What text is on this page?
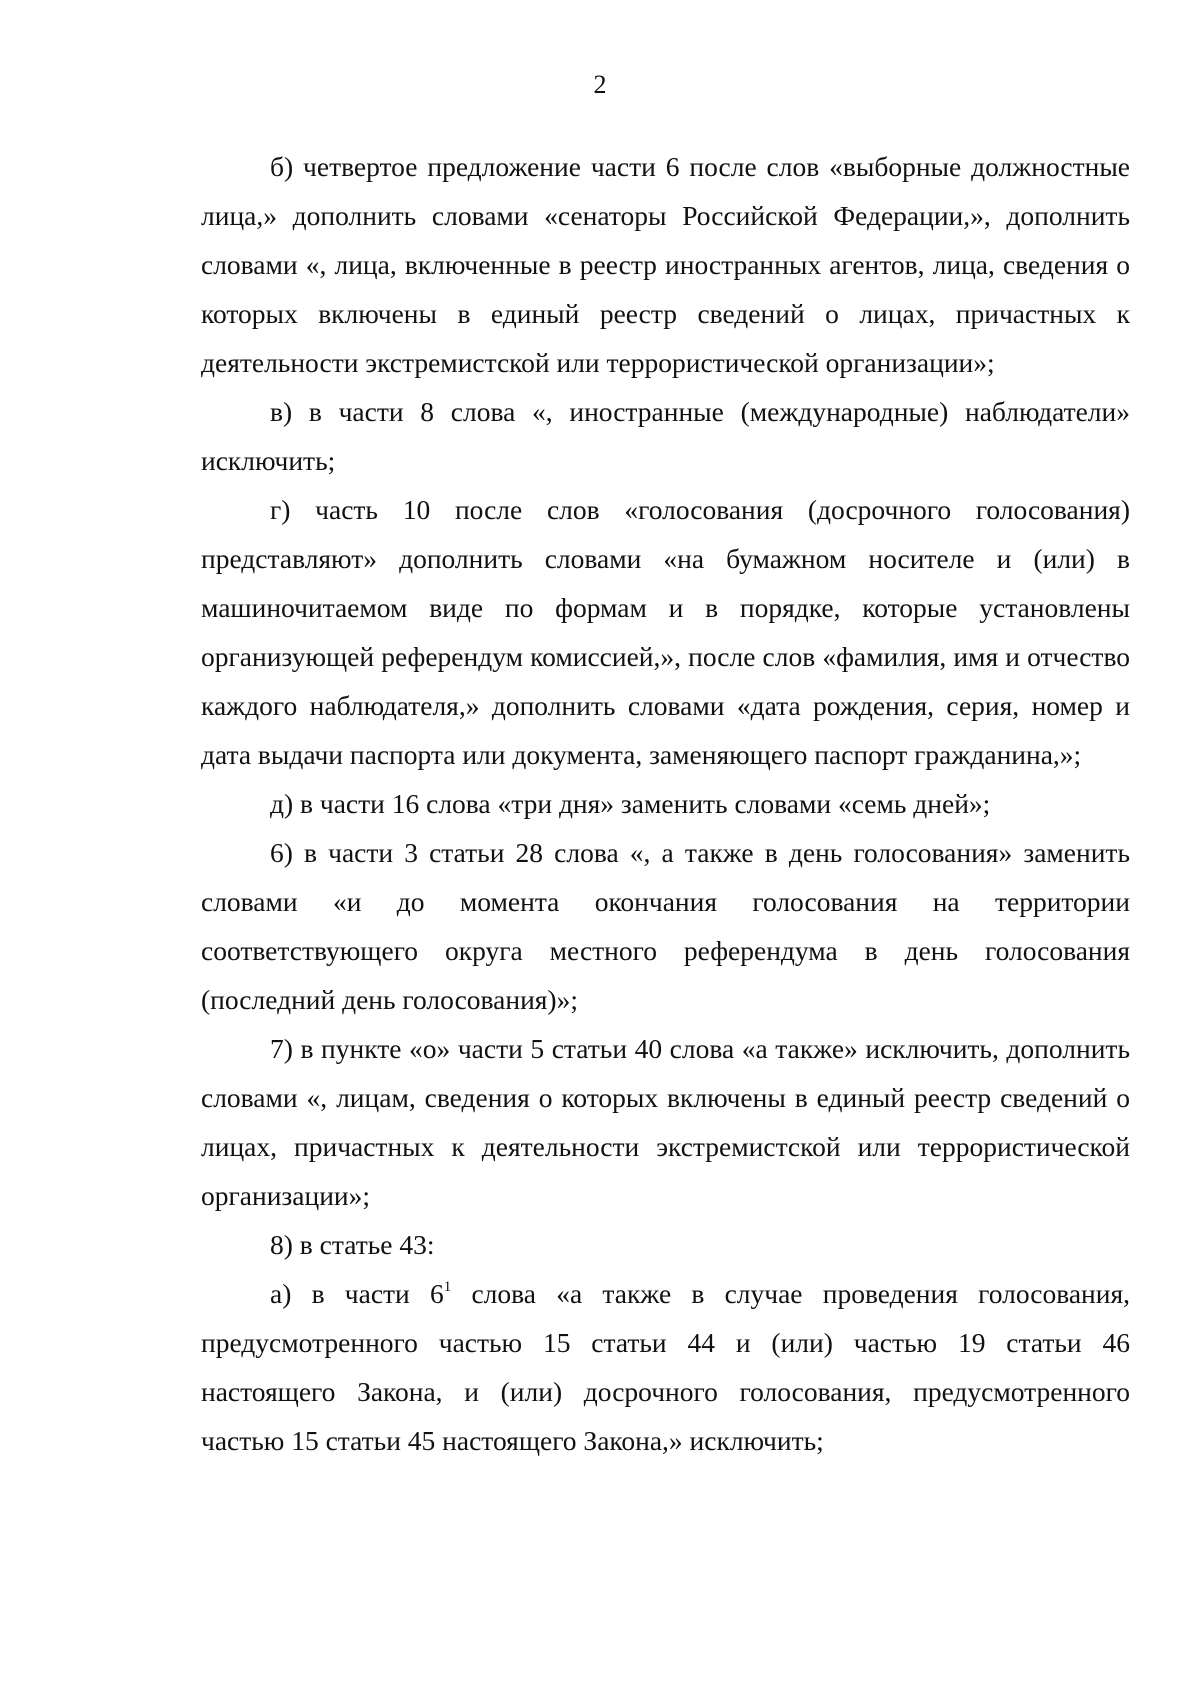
2

б) четвертое предложение части 6 после слов «выборные должностные лица,» дополнить словами «сенаторы Российской Федерации,», дополнить словами «, лица, включенные в реестр иностранных агентов, лица, сведения о которых включены в единый реестр сведений о лицах, причастных к деятельности экстремистской или террористической организации»;

в) в части 8 слова «, иностранные (международные) наблюдатели» исключить;

г) часть 10 после слов «голосования (досрочного голосования) представляют» дополнить словами «на бумажном носителе и (или) в машиночитаемом виде по формам и в порядке, которые установлены организующей референдум комиссией,», после слов «фамилия, имя и отчество каждого наблюдателя,» дополнить словами «дата рождения, серия, номер и дата выдачи паспорта или документа, заменяющего паспорт гражданина,»;

д) в части 16 слова «три дня» заменить словами «семь дней»;

6) в части 3 статьи 28 слова «, а также в день голосования» заменить словами «и до момента окончания голосования на территории соответствующего округа местного референдума в день голосования (последний день голосования)»;

7) в пункте «о» части 5 статьи 40 слова «а также» исключить, дополнить словами «, лицам, сведения о которых включены в единый реестр сведений о лицах, причастных к деятельности экстремистской или террористической организации»;

8) в статье 43:

а) в части $6^1$ слова «а также в случае проведения голосования, предусмотренного частью 15 статьи 44 и (или) частью 19 статьи 46 настоящего Закона, и (или) досрочного голосования, предусмотренного частью 15 статьи 45 настоящего Закона,» исключить;
